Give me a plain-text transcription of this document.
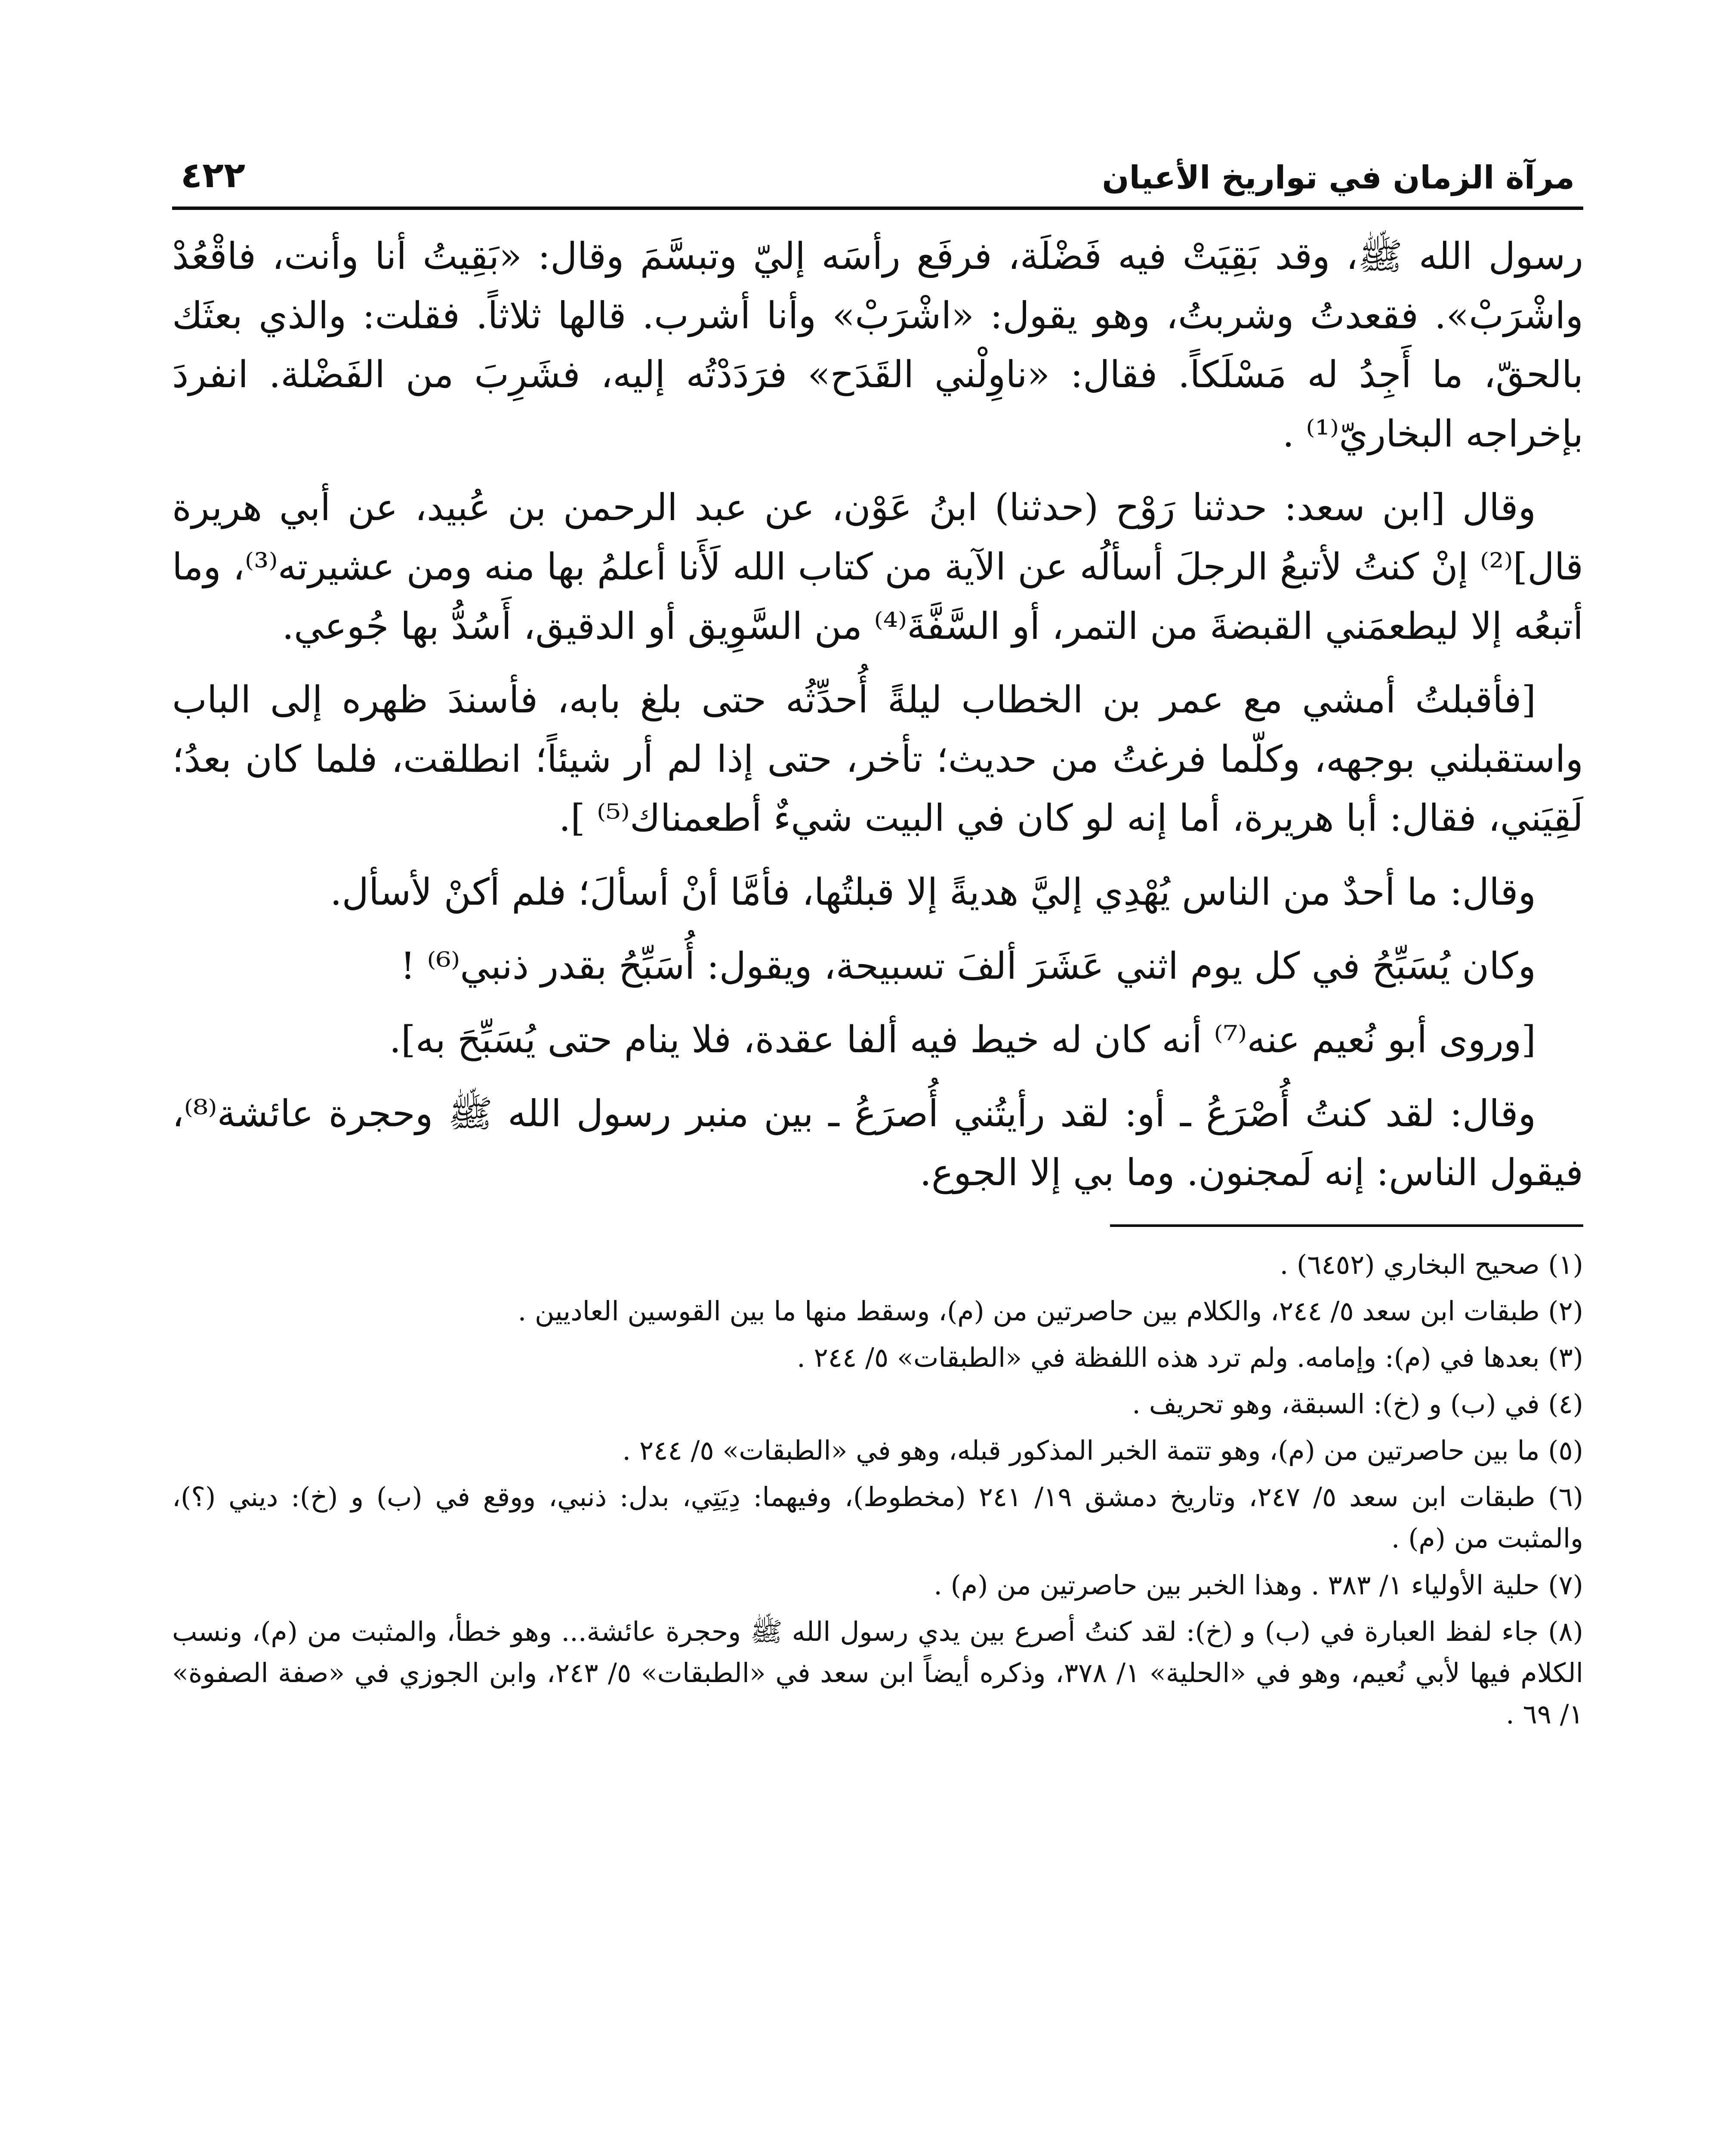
مرآة الزمان في تواريخ الأعيان
٤٢٢

رسول الله ﷺ، وقد بَقِيَتْ فيه فَضْلَة، فرفَع رأسَه إليّ وتبسَّمَ وقال: «بَقِيتُ أنا وأنت، فاقْعُدْ واشْرَبْ». فقعدتُ وشربتُ، وهو يقول: «اشْرَبْ» وأنا أشرب. قالها ثلاثاً. فقلت: والذي بعثَك بالحقّ، ما أَجِدُ له مَسْلَكاً. فقال: «ناوِلْني القَدَح» فرَدَدْتُه إليه، فشَرِبَ من الفَضْلة. انفردَ بإخراجه البخاريّ⁽¹⁾ .

وقال [ابن سعد: حدثنا رَوْح (حدثنا) ابنُ عَوْن، عن عبد الرحمن بن عُبيد، عن أبي هريرة قال]⁽²⁾ إنْ كنتُ لأتبعُ الرجلَ أسألُه عن الآية من كتاب الله لَأَنا أعلمُ بها منه ومن عشيرته⁽³⁾، وما أتبعُه إلا ليطعمَني القبضةَ من التمر، أو السَّفَّةَ⁽⁴⁾ من السَّوِيق أو الدقيق، أَسُدُّ بها جُوعي.

[فأقبلتُ أمشي مع عمر بن الخطاب ليلةً أُحدِّثُه حتى بلغ بابه، فأسندَ ظهره إلى الباب واستقبلني بوجهه، وكلّما فرغتُ من حديث؛ تأخر، حتى إذا لم أر شيئاً؛ انطلقت، فلما كان بعدُ؛ لَقِيَني، فقال: أبا هريرة، أما إنه لو كان في البيت شيءٌ أطعمناك⁽⁵⁾ ].

وقال: ما أحدٌ من الناس يُهْدِي إليَّ هديةً إلا قبلتُها، فأمَّا أنْ أسألَ؛ فلم أكنْ لأسأل.

وكان يُسَبِّحُ في كل يوم اثني عَشَرَ ألفَ تسبيحة، ويقول: أُسَبِّحُ بقدر ذنبي⁽⁶⁾ !

[وروى أبو نُعيم عنه⁽⁷⁾ أنه كان له خيط فيه ألفا عقدة، فلا ينام حتى يُسَبِّحَ به].

وقال: لقد كنتُ أُصْرَعُ ـ أو: لقد رأيتُني أُصرَعُ ـ بين منبر رسول الله ﷺ وحجرة عائشة⁽⁸⁾، فيقول الناس: إنه لَمجنون. وما بي إلا الجوع.

(١) صحيح البخاري (٦٤٥٢) .

(٢) طبقات ابن سعد ٥/ ٢٤٤، والكلام بين حاصرتين من (م)، وسقط منها ما بين القوسين العاديين .

(٣) بعدها في (م): وإمامه. ولم ترد هذه اللفظة في «الطبقات» ٥/ ٢٤٤ .

(٤) في (ب) و (خ): السبقة، وهو تحريف .

(٥) ما بين حاصرتين من (م)، وهو تتمة الخبر المذكور قبله، وهو في «الطبقات» ٥/ ٢٤٤ .

(٦) طبقات ابن سعد ٥/ ٢٤٧، وتاريخ دمشق ١٩/ ٢٤١ (مخطوط)، وفيهما: دِيَتِي، بدل: ذنبي، ووقع في (ب) و (خ): ديني (؟)، والمثبت من (م) .

(٧) حلية الأولياء ١/ ٣٨٣ . وهذا الخبر بين حاصرتين من (م) .

(٨) جاء لفظ العبارة في (ب) و (خ): لقد كنتُ أصرع بين يدي رسول الله ﷺ وحجرة عائشة... وهو خطأ، والمثبت من (م)، ونسب الكلام فيها لأبي نُعيم، وهو في «الحلية» ١/ ٣٧٨، وذكره أيضاً ابن سعد في «الطبقات» ٥/ ٢٤٣، وابن الجوزي في «صفة الصفوة» ١/ ٦٩ .
